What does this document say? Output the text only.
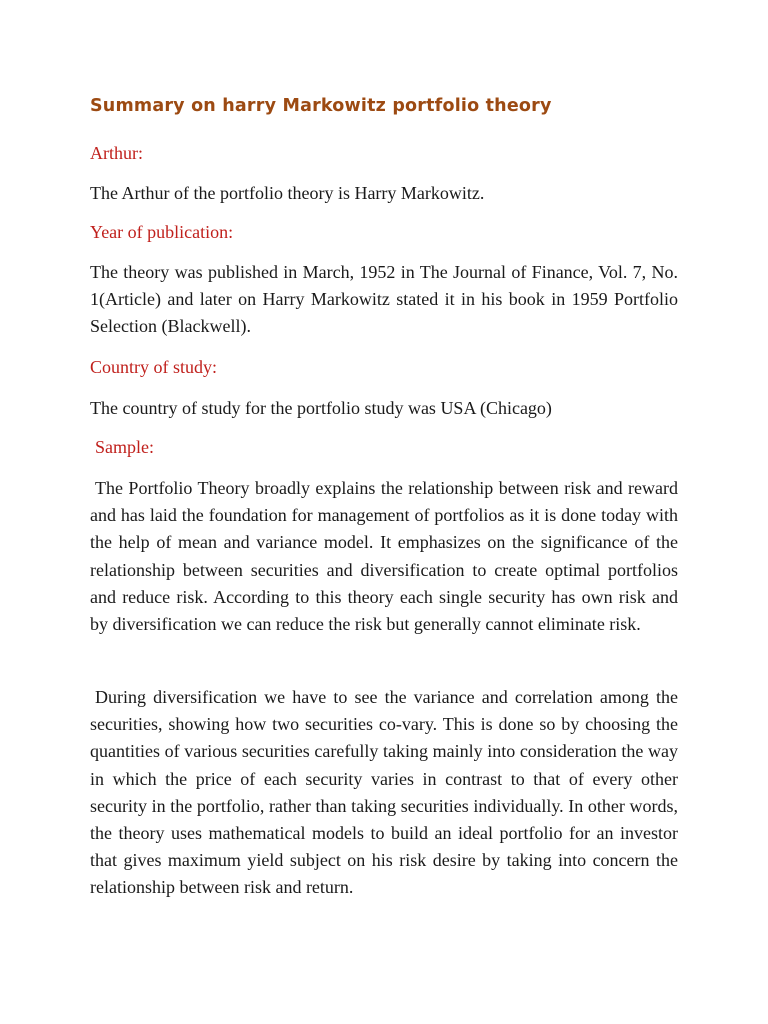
Summary on harry Markowitz portfolio theory

Arthur:

The Arthur of the portfolio theory is Harry Markowitz.

Year of publication:

The theory was published in March, 1952 in The Journal of Finance, Vol. 7, No. 1(Article) and later on Harry Markowitz stated it in his book in 1959 Portfolio Selection (Blackwell).

Country of study:

The country of study for the portfolio study was USA (Chicago)

Sample:

The Portfolio Theory broadly explains the relationship between risk and reward and has laid the foundation for management of portfolios as it is done today with the help of mean and variance model. It emphasizes on the significance of the relationship between securities and diversification to create optimal portfolios and reduce risk. According to this theory each single security has own risk and by diversification we can reduce the risk but generally cannot eliminate risk.

During diversification we have to see the variance and correlation among the securities, showing how two securities co-vary. This is done so by choosing the quantities of various securities carefully taking mainly into consideration the way in which the price of each security varies in contrast to that of every other security in the portfolio, rather than taking securities individually. In other words, the theory uses mathematical models to build an ideal portfolio for an investor that gives maximum yield subject on his risk desire by taking into concern the relationship between risk and return.
